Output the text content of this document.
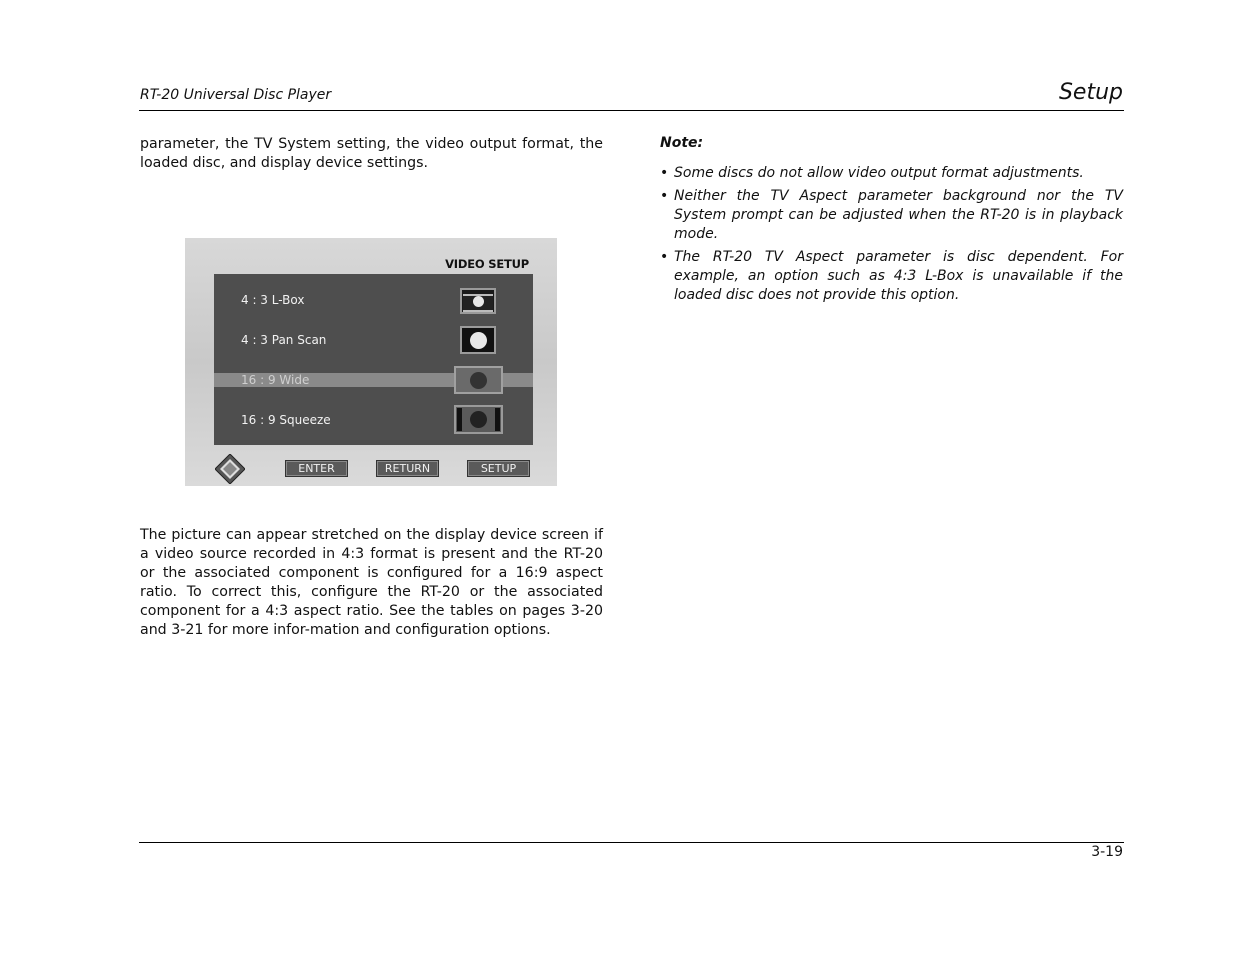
RT-20 Universal Disc Player	Setup

parameter, the TV System setting, the video output format, the loaded disc, and display device settings.

VIDEO SETUP
4 : 3 L-Box
4 : 3 Pan Scan
16 : 9 Wide
16 : 9 Squeeze
ENTER	RETURN	SETUP

The picture can appear stretched on the display device screen if a video source recorded in 4:3 format is present and the RT-20 or the associated component is configured for a 16:9 aspect ratio. To correct this, configure the RT-20 or the associated component for a 4:3 aspect ratio. See the tables on pages 3-20 and 3-21 for more infor-mation and configuration options.

Note:
• Some discs do not allow video output format adjustments.
• Neither the TV Aspect parameter background nor the TV System prompt can be adjusted when the RT-20 is in playback mode.
• The RT-20 TV Aspect parameter is disc dependent. For example, an option such as 4:3 L-Box is unavailable if the loaded disc does not provide this option.
3-19
